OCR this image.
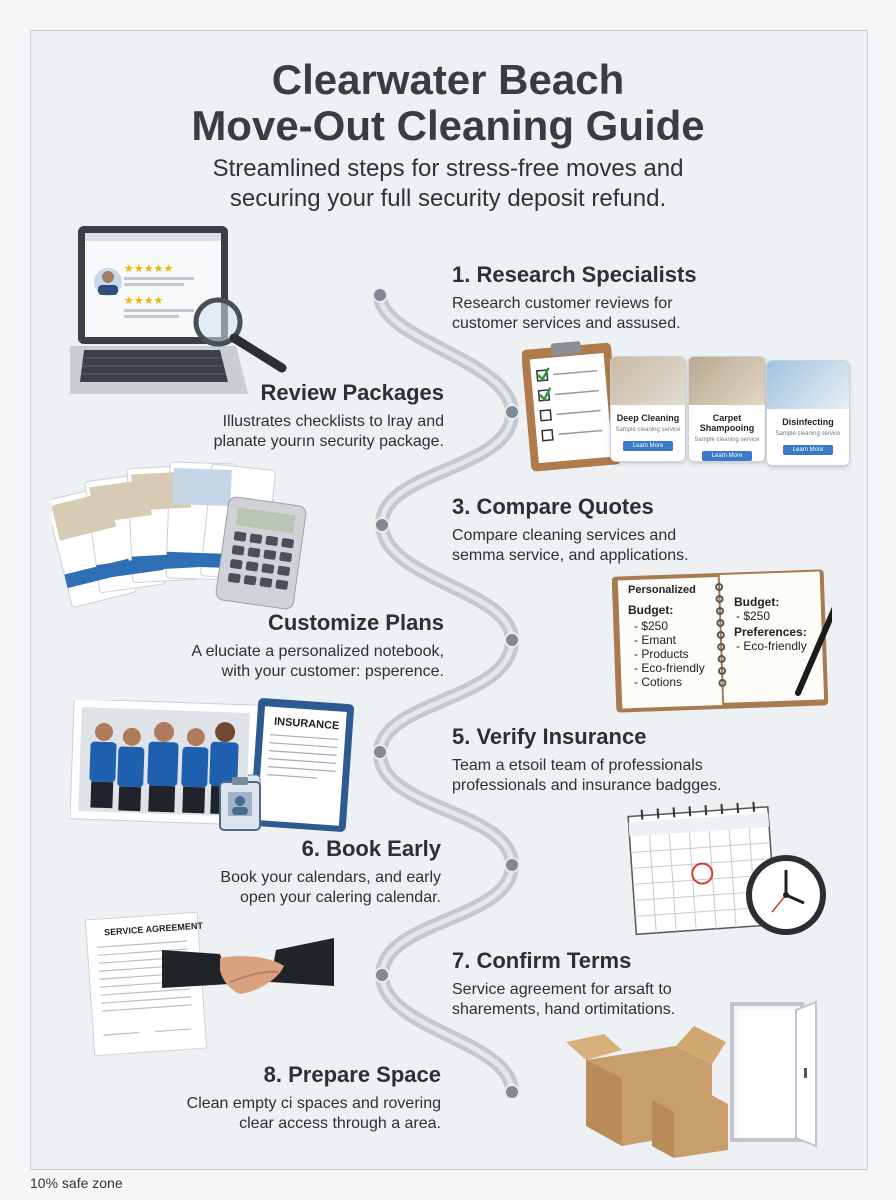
Clearwater Beach
Move-Out Cleaning Guide
Streamlined steps for stress-free moves and
securing your full security deposit refund.
1. Research Specialists

Research customer reviews for

customer services and assused.

Review Packages

Illustrates checklists to lray and

planate yourın security package.

3. Compare Quotes

Compare cleaning services and

semma service, and applications.

Customize Plans

A eluciate a personalized notebook,

with your customer: psperence.

5. Verify Insurance

Team a etsoil team of professionals

professionals and insurance badgges.

6. Book Early

Book your calendars, and early

open your calering calendar.

7. Confirm Terms

Service agreement for arsaft to

sharements, hand ortimitations.

8. Prepare Space

Clean empty ci spaces and rovering

clear access through a area.

★★★★★
★★★★
Deep Cleaning
Sample cleaning service
Learn More
Carpet Shampooing
Sample cleaning service
Learn More
Disinfecting
Sample cleaning service
Learn More
Personalized
Budget:
- $250
- Emant
- Products
- Eco-friendly
- Cotions
Budget:
- $250
Preferences:
- Eco-friendly
INSURANCE
SERVICE AGREEMENT
10% safe zone
